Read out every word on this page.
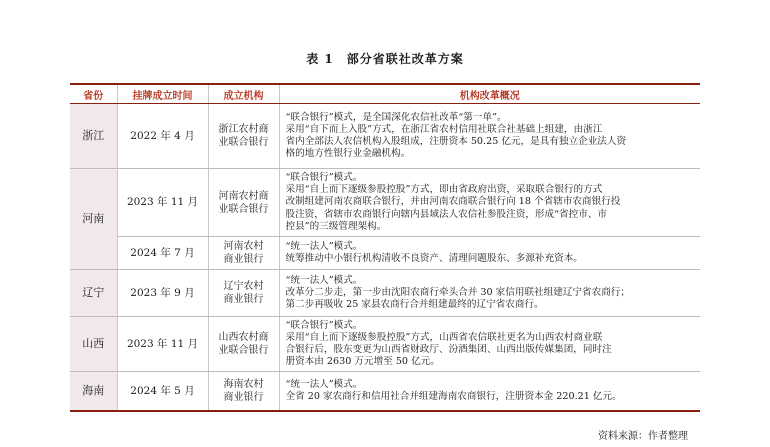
表 1　部分省联社改革方案
省份	挂牌成立时间	成立机构	机构改革概况
浙江	2022 年 4 月	浙江农村商
业联合银行	“联合银行”模式，是全国深化农信社改革“第一单”。
采用“自下而上入股”方式，在浙江省农村信用社联合社基础上组建，由浙江
省内全部法人农信机构入股组成，注册资本 50.25 亿元，是具有独立企业法人资
格的地方性银行业金融机构。

河南	2023 年 11 月	河南农村商
业联合银行	“联合银行”模式。
采用“自上而下逐级参股控股”方式，即由省政府出资，采取联合银行的方式
改制组建河南农商联合银行，并由河南农商联合银行向 18 个省辖市农商银行投
股注资，省辖市农商银行向辖内县域法人农信社参股注资，形成“省控市、市
控县”的三级管理架构。

	2024 年 7 月	河南农村
商业银行	“统一法人”模式。
统筹推动中小银行机构清收不良资产、清理问题股东、多源补充资本。

辽宁	2023 年 9 月	辽宁农村
商业银行	“统一法人”模式。
改革分二步走，第一步由沈阳农商行牵头合并 30 家信用联社组建辽宁省农商行；
第二步再吸收 25 家县农商行合并组建最终的辽宁省农商行。

山西	2023 年 11 月	山西农村商
业联合银行	“联合银行”模式。
采用“自上而下逐级参股控股”方式，山西省农信联社更名为山西农村商业联
合银行后，股东变更为山西省财政厅、汾酒集团、山西出版传媒集团，同时注
册资本由 2630 万元增至 50 亿元。

海南	2024 年 5 月	海南农村
商业银行	“统一法人”模式。
全省 20 家农商行和信用社合并组建海南农商银行，注册资本金 220.21 亿元。
资料来源：作者整理
